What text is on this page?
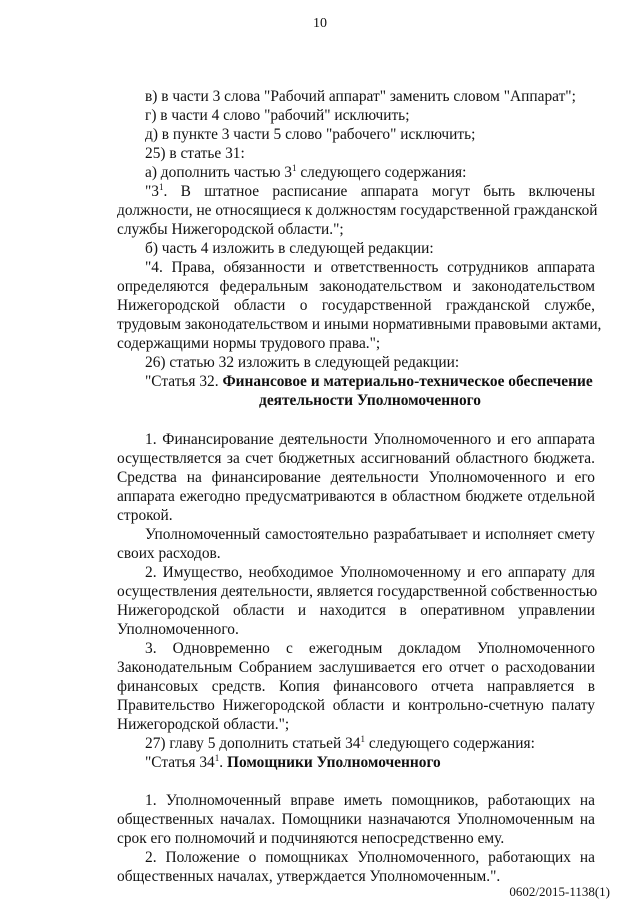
10
в) в части 3 слова "Рабочий аппарат" заменить словом "Аппарат";
г) в части 4 слово "рабочий" исключить;
д) в пункте 3 части 5 слово "рабочего" исключить;
25) в статье 31:
а) дополнить частью $3^1$ следующего содержания:
"$3^1$. В штатное расписание аппарата могут быть включены
должности, не относящиеся к должностям государственной гражданской
службы Нижегородской области.";
б) часть 4 изложить в следующей редакции:
"4. Права, обязанности и ответственность сотрудников аппарата
определяются федеральным законодательством и законодательством
Нижегородской области о государственной гражданской службе,
трудовым законодательством и иными нормативными правовыми актами,
содержащими нормы трудового права.";
26) статью 32 изложить в следующей редакции:
"Статья 32. Финансовое и материально-техническое обеспечение
деятельности Уполномоченного
1. Финансирование деятельности Уполномоченного и его аппарата
осуществляется за счет бюджетных ассигнований областного бюджета.
Средства на финансирование деятельности Уполномоченного и его
аппарата ежегодно предусматриваются в областном бюджете отдельной
строкой.
Уполномоченный самостоятельно разрабатывает и исполняет смету
своих расходов.
2. Имущество, необходимое Уполномоченному и его аппарату для
осуществления деятельности, является государственной собственностью
Нижегородской области и находится в оперативном управлении
Уполномоченного.
3. Одновременно с ежегодным докладом Уполномоченного
Законодательным Собранием заслушивается его отчет о расходовании
финансовых средств. Копия финансового отчета направляется в
Правительство Нижегородской области и контрольно-счетную палату
Нижегородской области.";
27) главу 5 дополнить статьей $34^1$ следующего содержания:
"Статья $34^1$. Помощники Уполномоченного
1. Уполномоченный вправе иметь помощников, работающих на
общественных началах. Помощники назначаются Уполномоченным на
срок его полномочий и подчиняются непосредственно ему.
2. Положение о помощниках Уполномоченного, работающих на
общественных началах, утверждается Уполномоченным.".
0602/2015-1138(1)
